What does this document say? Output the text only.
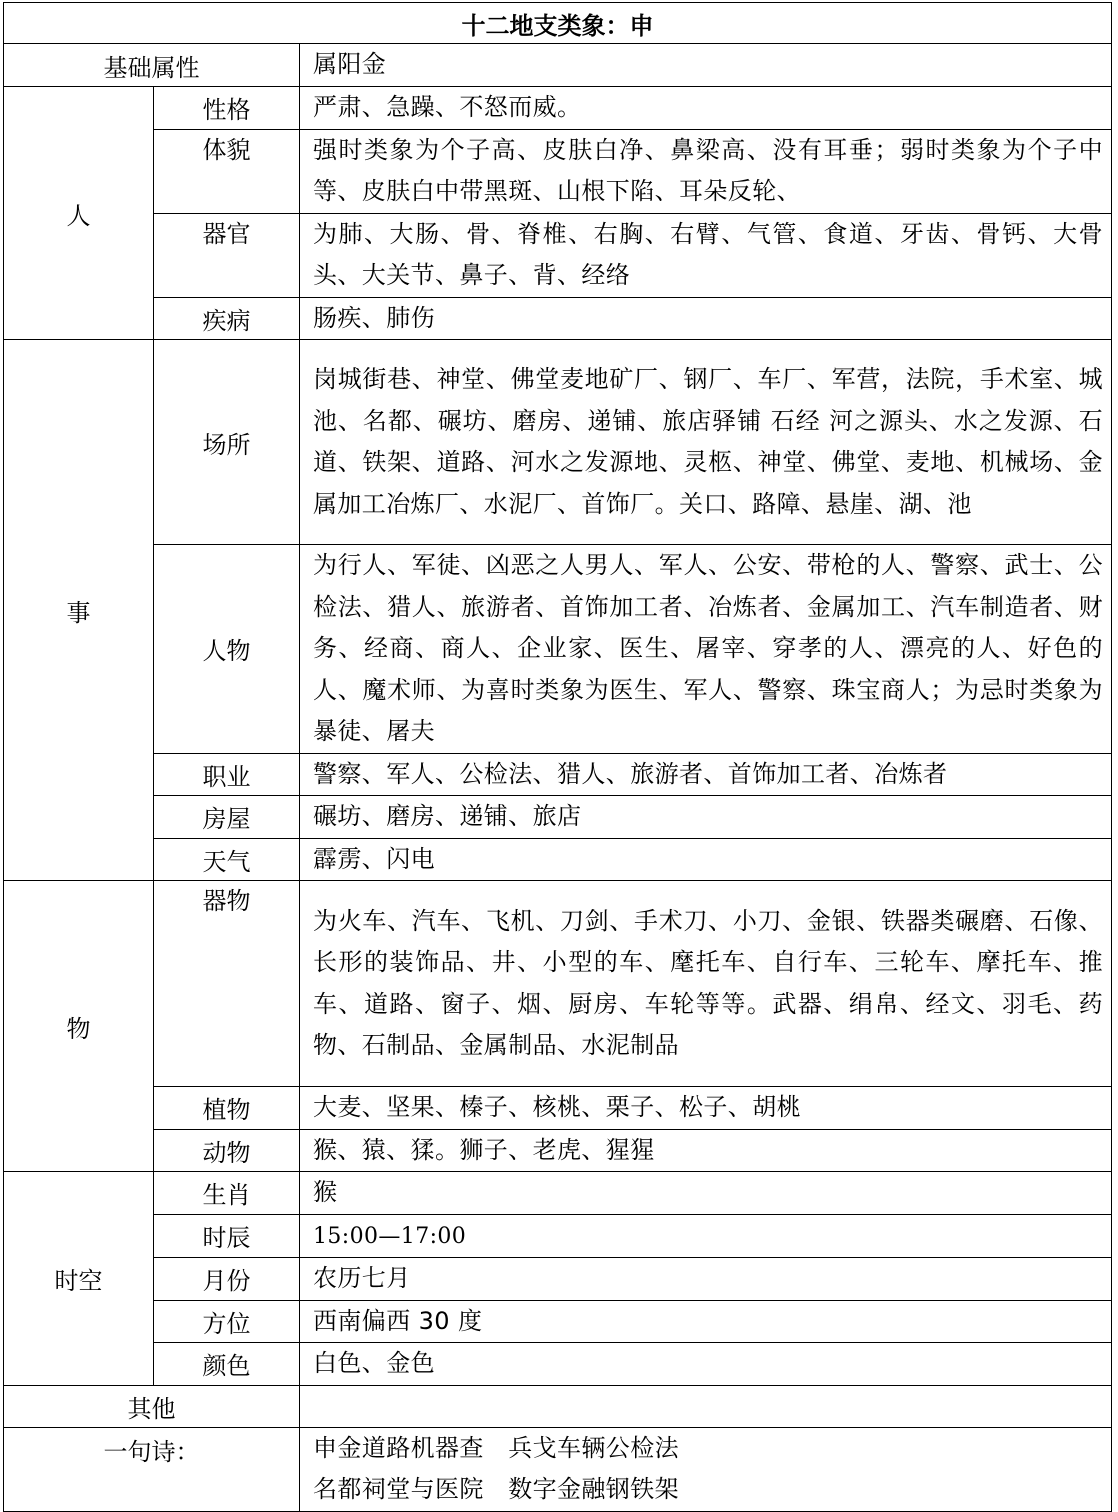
十二地支类象：申		
基础属性		属阳金
人	性格	严肃、急躁、不怒而威。
	体貌	强时类象为个子高、皮肤白净、鼻梁高、没有耳垂；弱时类象为个子中等、皮肤白中带黑斑、山根下陷、耳朵反轮、
	器官	为肺、大肠、骨、脊椎、右胸、右臂、气管、食道、牙齿、骨钙、大骨头、大关节、鼻子、背、经络
	疾病	肠疾、肺伤
事	场所	岗城街巷、神堂、佛堂麦地矿厂、钢厂、车厂、军营，法院，手术室、城池、名都、碾坊、磨房、递铺、旅店驿铺 石经 河之源头、水之发源、石道、铁架、道路、河水之发源地、灵柩、神堂、佛堂、麦地、机械场、金属加工冶炼厂、水泥厂、首饰厂。关口、路障、悬崖、湖、池
	人物	为行人、军徒、凶恶之人男人、军人、公安、带枪的人、警察、武士、公检法、猎人、旅游者、首饰加工者、冶炼者、金属加工、汽车制造者、财务、经商、商人、企业家、医生、屠宰、穿孝的人、漂亮的人、好色的人、魔术师、为喜时类象为医生、军人、警察、珠宝商人；为忌时类象为暴徒、屠夫
	职业	警察、军人、公检法、猎人、旅游者、首饰加工者、冶炼者
	房屋	碾坊、磨房、递铺、旅店
	天气	霹雳、闪电
物	器物	为火车、汽车、飞机、刀剑、手术刀、小刀、金银、铁器类碾磨、石像、长形的装饰品、井、小型的车、麾托车、自行车、三轮车、摩托车、推车、道路、窗子、烟、厨房、车轮等等。武器、绢帛、经文、羽毛、药物、石制品、金属制品、水泥制品
	植物	大麦、坚果、榛子、核桃、栗子、松子、胡桃
	动物	猴、猿、猱。狮子、老虎、猩猩
时空	生肖	猴
	时辰	15:00—17:00
	月份	农历七月
	方位	西南偏西 30 度
	颜色	白色、金色
其他		
一句诗：		申金道路机器查　兵戈车辆公检法
名都祠堂与医院　数字金融钢铁架
